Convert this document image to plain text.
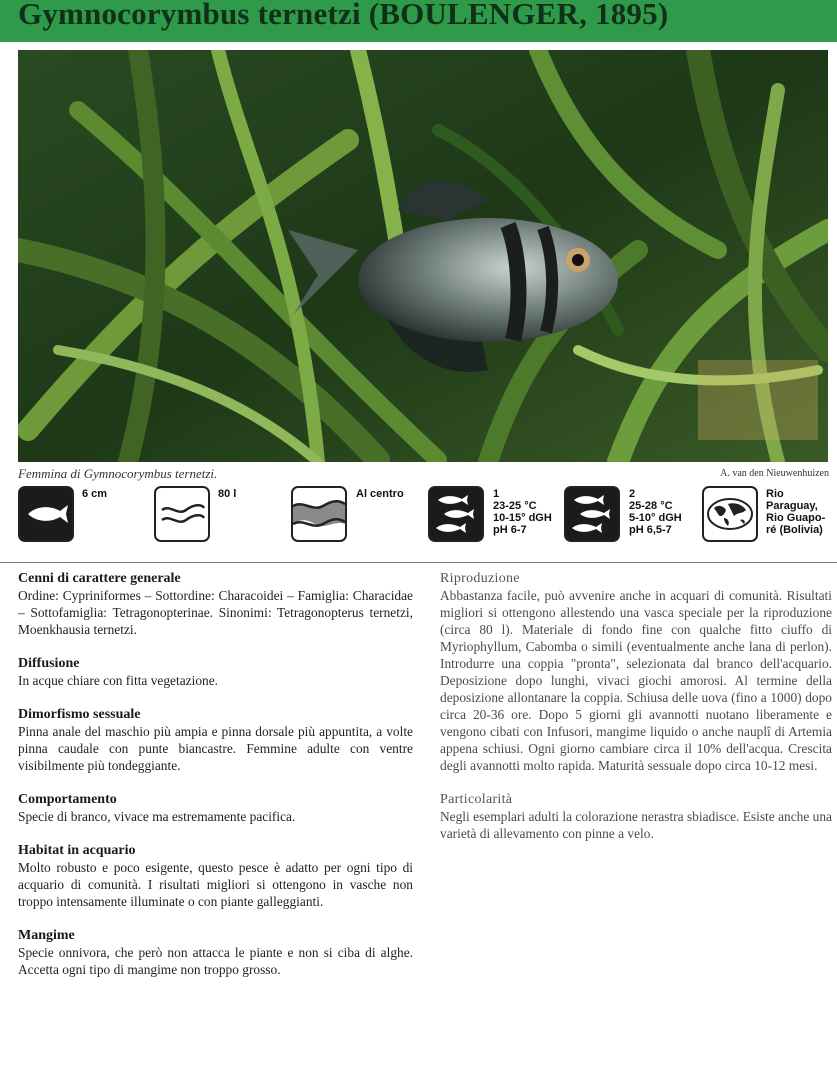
Gymnocorymbus ternetzi (BOULENGER, 1895)
Femmina di Gymnocorymbus ternetzi.	A. van den Nieuwenhuizen
6 cm	80 l	Al centro	1
23-25 °C
10-15° dGH
pH 6-7
2
25-28 °C
5-10° dGH
pH 6,5-7
Rio
Paraguay,
Rio Guapo-
ré (Bolivia)
Cenni di carattere generale

Ordine: Cypriniformes – Sottordine: Characoidei – Famiglia: Characidae – Sottofamiglia: Tetragonopterinae. Sinonimi: Tetragonopterus ternetzi, Moenkhausia ternetzi.

Diffusione

In acque chiare con fitta vegetazione.

Dimorfismo sessuale

Pinna anale del maschio più ampia e pinna dorsale più appuntita, a volte pinna caudale con punte biancastre. Femmine adulte con ventre visibilmente più tondeggiante.

Comportamento

Specie di branco, vivace ma estremamente pacifica.

Habitat in acquario

Molto robusto e poco esigente, questo pesce è adatto per ogni tipo di acquario di comunità. I risultati migliori si ottengono in vasche non troppo intensamente illuminate o con piante galleggianti.

Mangime

Specie onnivora, che però non attacca le piante e non si ciba di alghe. Accetta ogni tipo di mangime non troppo grosso.

Riproduzione

Abbastanza facile, può avvenire anche in acquari di comunità. Risultati migliori si ottengono allestendo una vasca speciale per la riproduzione (circa 80 l). Materiale di fondo fine con qualche fitto ciuffo di Myriophyllum, Cabomba o simili (eventualmente anche lana di perlon). Introdurre una coppia "pronta", selezionata dal branco dell'acquario. Deposizione dopo lunghi, vivaci giochi amorosi. Al termine della deposizione allontanare la coppia. Schiusa delle uova (fino a 1000) dopo circa 20-36 ore. Dopo 5 giorni gli avannotti nuotano liberamente e vengono cibati con Infusori, mangime liquido o anche nauplî di Artemia appena schiusi. Ogni giorno cambiare circa il 10% dell'acqua. Crescita degli avannotti molto rapida. Maturità sessuale dopo circa 10-12 mesi.

Particolarità

Negli esemplari adulti la colorazione nerastra sbiadisce. Esiste anche una varietà di allevamento con pinne a velo.
